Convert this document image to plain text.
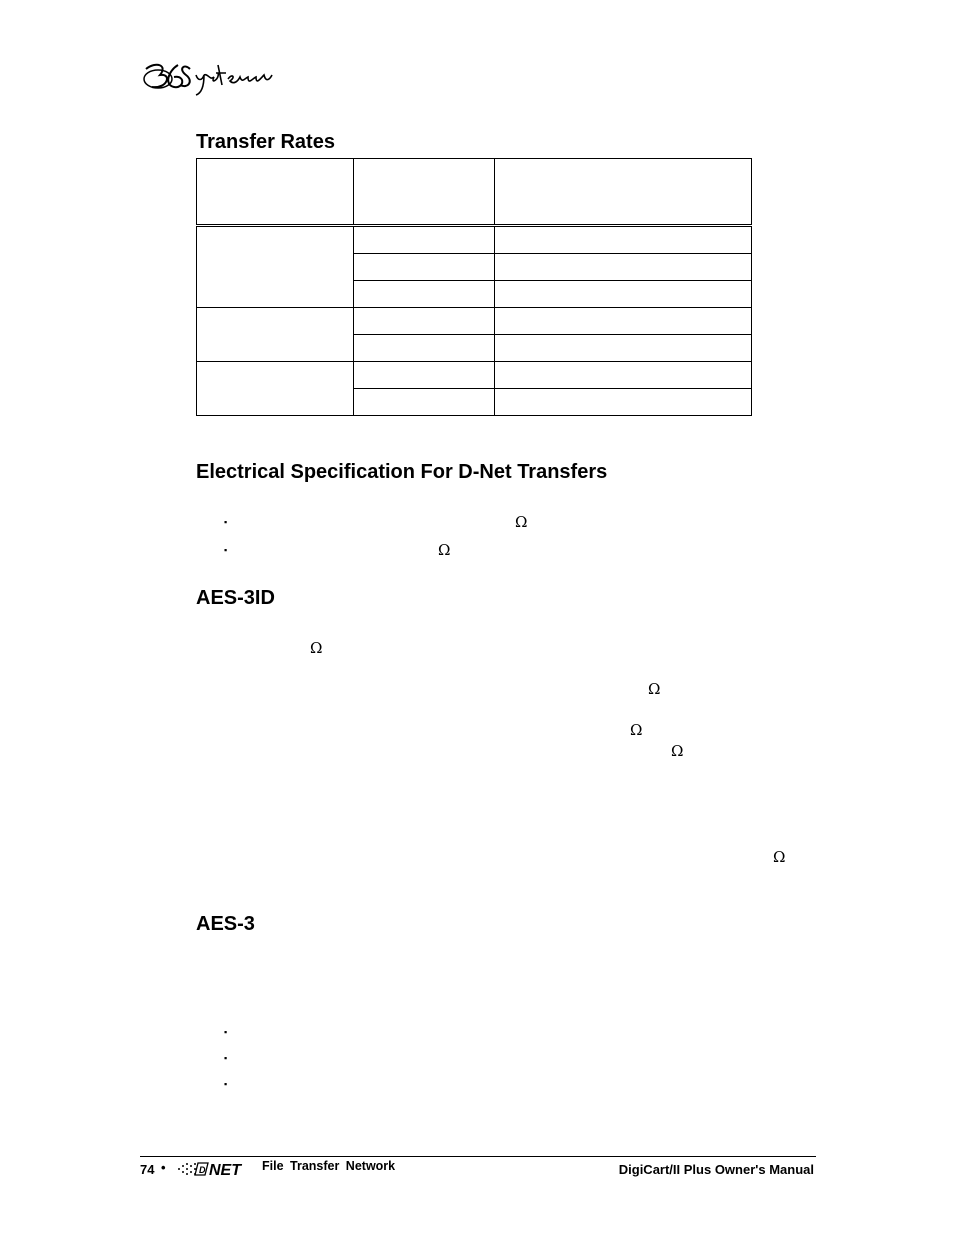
Transfer Rates

Electrical Specification For D-Net Transfers
▪	Ω
▪	Ω
AES-3ID
Ω
Ω
Ω
Ω
Ω
AES-3
▪
▪
▪
74 •	D NET File Transfer Network	DigiCart/II Plus Owner's Manual
